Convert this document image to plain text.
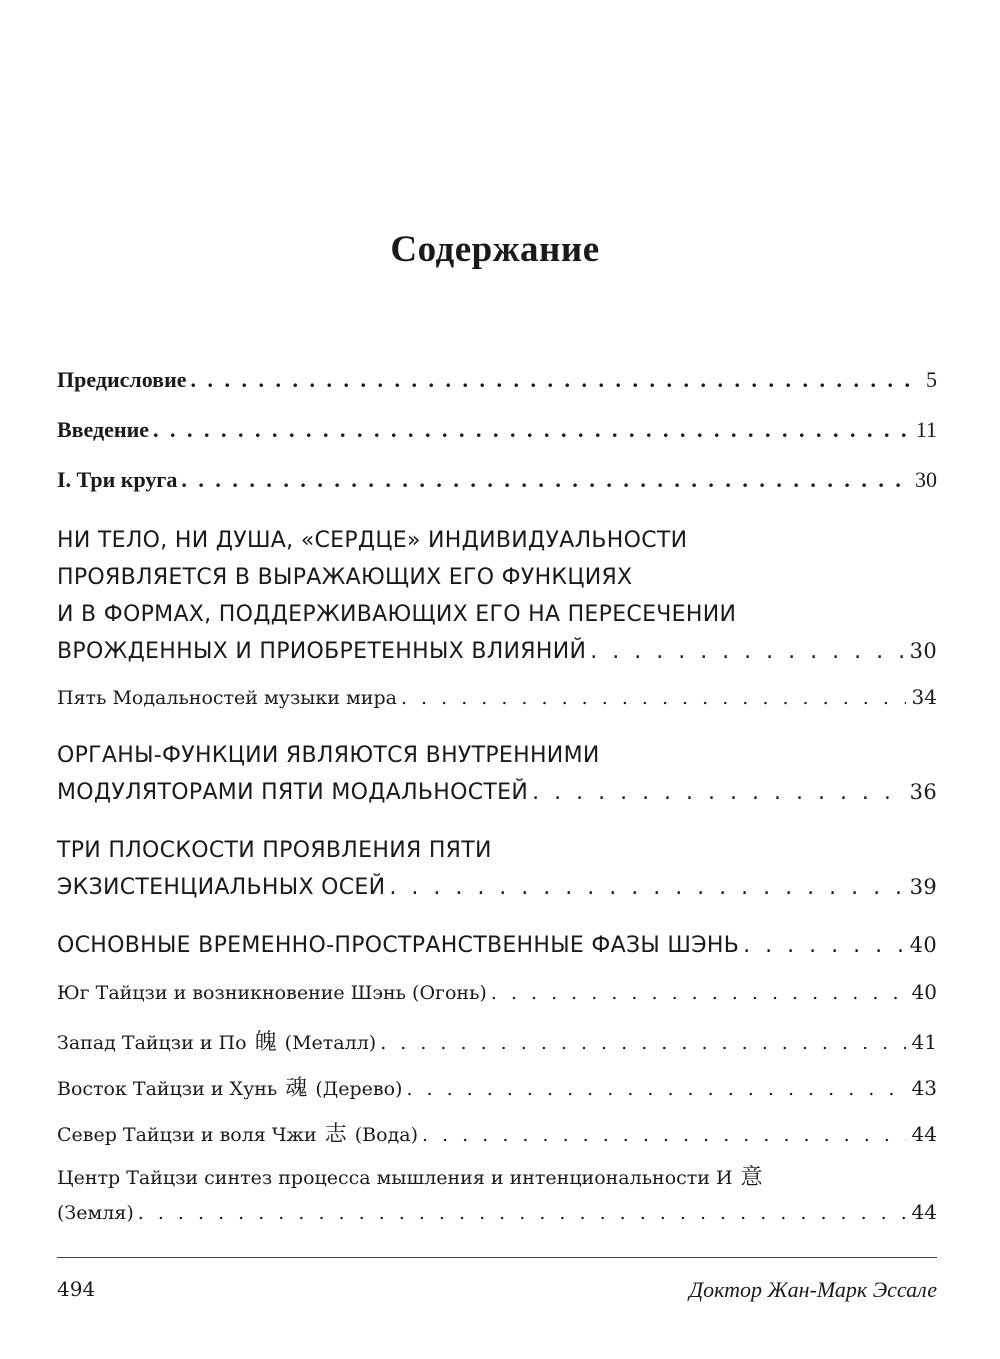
Содержание
Предисловие . . .	5
Введение . . .	11
I. Три круга . . .	30
НИ ТЕЛО, НИ ДУША, «СЕРДЦЕ» ИНДИВИДУАЛЬНОСТИ
ПРОЯВЛЯЕТСЯ В ВЫРАЖАЮЩИХ ЕГО ФУНКЦИЯХ
И В ФОРМАХ, ПОДДЕРЖИВАЮЩИХ ЕГО НА ПЕРЕСЕЧЕНИИ
ВРОЖДЕННЫХ И ПРИОБРЕТЕННЫХ ВЛИЯНИЙ . . .	30
Пять Модальностей музыки мира . . .	34
ОРГАНЫ-ФУНКЦИИ ЯВЛЯЮТСЯ ВНУТРЕННИМИ
МОДУЛЯТОРАМИ ПЯТИ МОДАЛЬНОСТЕЙ . . .	36
ТРИ ПЛОСКОСТИ ПРОЯВЛЕНИЯ ПЯТИ
ЭКЗИСТЕНЦИАЛЬНЫХ ОСЕЙ . . .	39
ОСНОВНЫЕ ВРЕМЕННО-ПРОСТРАНСТВЕННЫЕ ФАЗЫ ШЭНЬ . . .	40
Юг Тайцзи и возникновение Шэнь (Огонь) . . .	40
Запад Тайцзи и По 魄 (Металл) . . .	41
Восток Тайцзи и Хунь 魂 (Дерево) . . .	43
Север Тайцзи и воля Чжи 志 (Вода) . . .	44
Центр Тайцзи синтез процесса мышления и интенциональности И 意
(Земля) . . .	44
494	Доктор Жан-Марк Эссале
